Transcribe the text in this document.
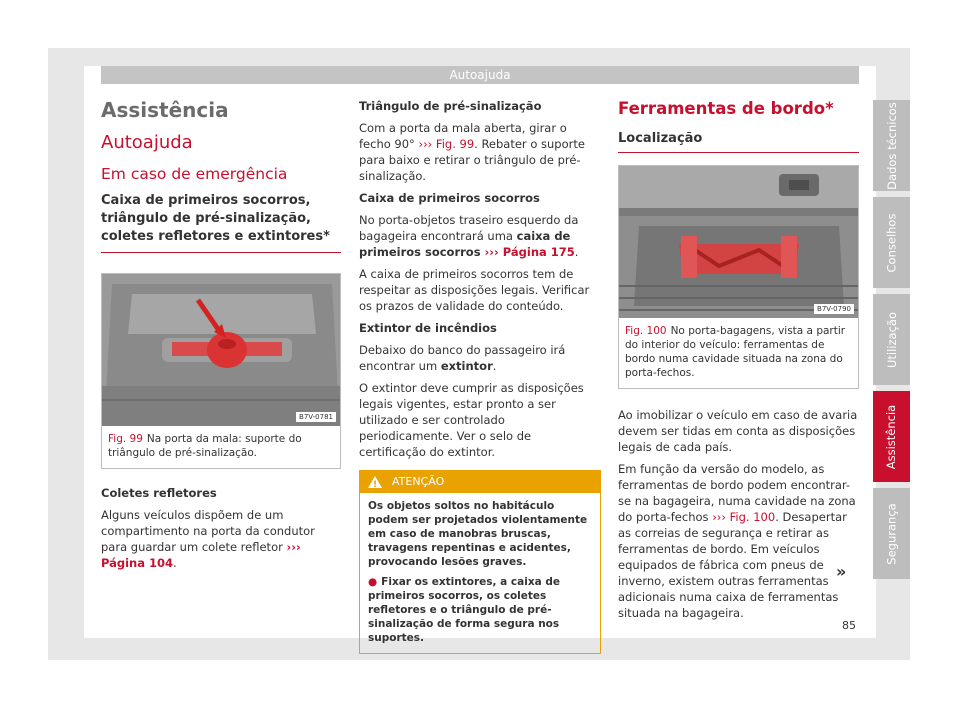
Autoajuda
Dados técnicos
Conselhos
Utilização
Assistência
Segurança
Assistência
Autoajuda
Em caso de emergência
Caixa de primeiros socorros, triângulo de pré-sinalização, coletes refletores e extintores*
B7V-0781
Fig. 99 Na porta da mala: suporte do triângulo de pré-sinalização.

Coletes refletores

Alguns veículos dispõem de um compartimento na porta da condutor para guardar um colete refletor ››› Página 104.

Triângulo de pré-sinalização

Com a porta da mala aberta, girar o fecho 90° ››› Fig. 99. Rebater o suporte para baixo e retirar o triângulo de pré-sinalização.

Caixa de primeiros socorros

No porta-objetos traseiro esquerdo da bagageira encontrará uma caixa de primeiros socorros ››› Página 175.

A caixa de primeiros socorros tem de respeitar as disposições legais. Verificar os prazos de validade do conteúdo.

Extintor de incêndios

Debaixo do banco do passageiro irá encontrar um extintor.

O extintor deve cumprir as disposições legais vigentes, estar pronto a ser utilizado e ser controlado periodicamente. Ver o selo de certificação do extintor.

!
ATENÇÃO

Os objetos soltos no habitáculo podem ser projetados violentamente em caso de manobras bruscas, travagens repentinas e acidentes, provocando lesões graves.

● Fixar os extintores, a caixa de primeiros socorros, os coletes refletores e o triângulo de pré-sinalização de forma segura nos suportes.

Ferramentas de bordo*
Localização
B7V-0790
Fig. 100 No porta-bagagens, vista a partir do interior do veículo: ferramentas de bordo numa cavidade situada na zona do porta-fechos.

Ao imobilizar o veículo em caso de avaria devem ser tidas em conta as disposições legais de cada país.

Em função da versão do modelo, as ferramentas de bordo podem encontrar-se na bagageira, numa cavidade na zona do porta-fechos ››› Fig. 100. Desapertar as correias de segurança e retirar as ferramentas de bordo. Em veículos equipados de fábrica com pneus de inverno, existem outras ferramentas adicionais numa caixa de ferramentas situada na bagageira.

»
85
